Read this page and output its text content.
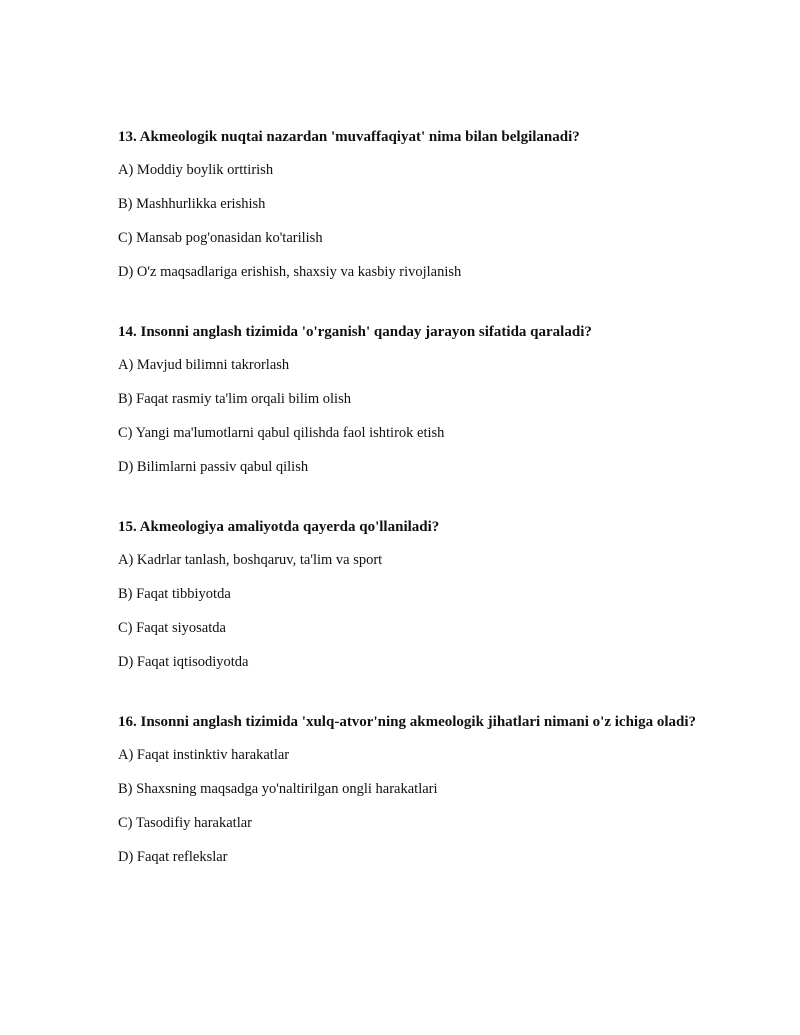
13. Akmeologik nuqtai nazardan 'muvaffaqiyat' nima bilan belgilanadi?
A) Moddiy boylik orttirish
B) Mashhurlikka erishish
C) Mansab pog'onasidan ko'tarilish
D) O'z maqsadlariga erishish, shaxsiy va kasbiy rivojlanish
14. Insonni anglash tizimida 'o'rganish' qanday jarayon sifatida qaraladi?
A) Mavjud bilimni takrorlash
B) Faqat rasmiy ta'lim orqali bilim olish
C) Yangi ma'lumotlarni qabul qilishda faol ishtirok etish
D) Bilimlarni passiv qabul qilish
15. Akmeologiya amaliyotda qayerda qo'llaniladi?
A) Kadrlar tanlash, boshqaruv, ta'lim va sport
B) Faqat tibbiyotda
C) Faqat siyosatda
D) Faqat iqtisodiyotda
16. Insonni anglash tizimida 'xulq-atvor'ning akmeologik jihatlari nimani o'z ichiga oladi?
A) Faqat instinktiv harakatlar
B) Shaxsning maqsadga yo'naltirilgan ongli harakatlari
C) Tasodifiy harakatlar
D) Faqat reflekslar
